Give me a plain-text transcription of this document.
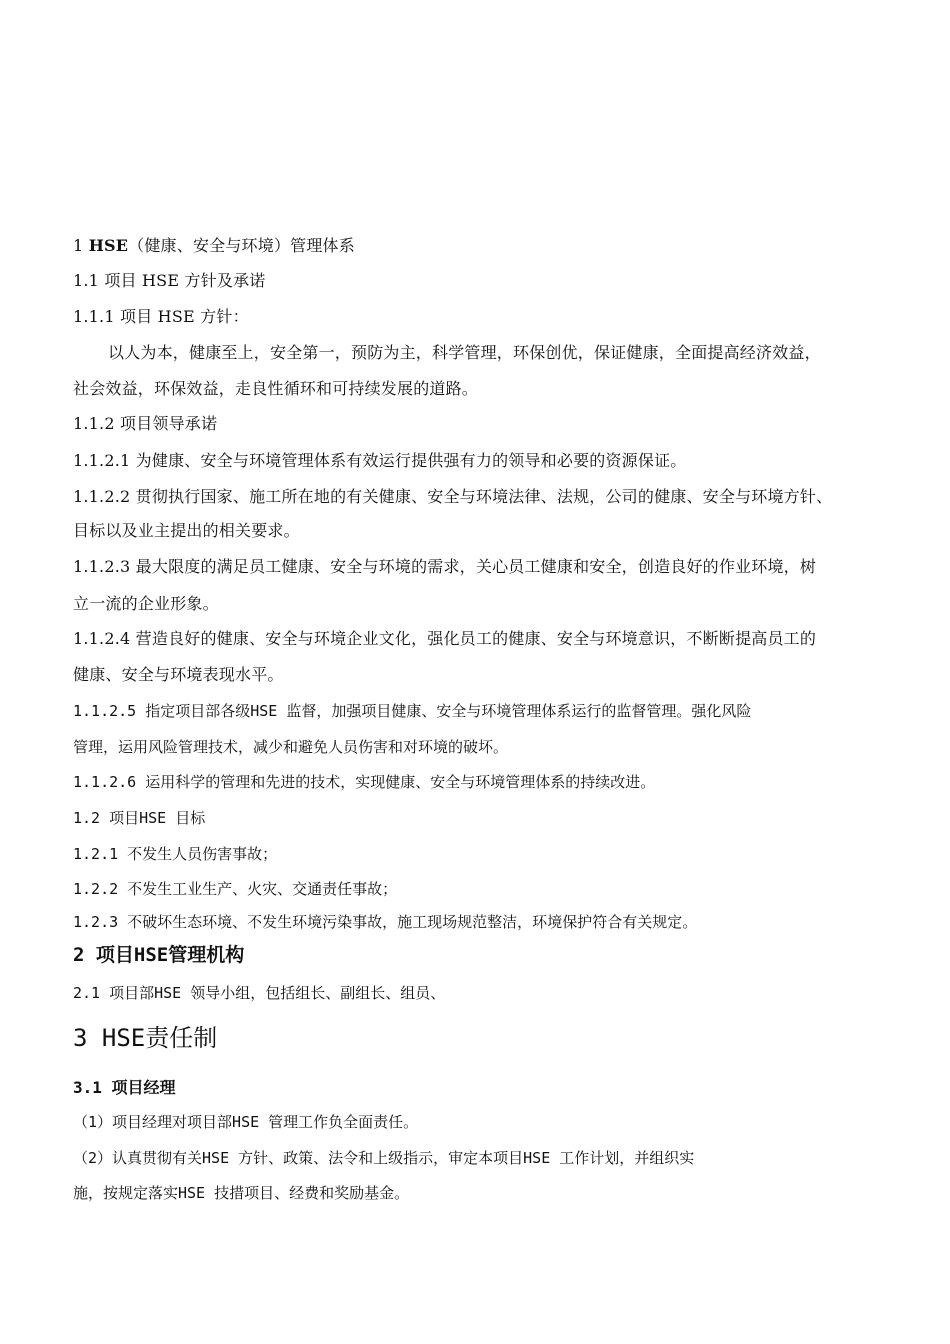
1 HSE（健康、安全与环境）管理体系
1.1 项目 HSE 方针及承诺
1.1.1 项目 HSE 方针：
以人为本，健康至上，安全第一，预防为主，科学管理，环保创优，保证健康，全面提高经济效益，
社会效益，环保效益，走良性循环和可持续发展的道路。
1.1.2 项目领导承诺
1.1.2.1 为健康、安全与环境管理体系有效运行提供强有力的领导和必要的资源保证。
1.1.2.2 贯彻执行国家、施工所在地的有关健康、安全与环境法律、法规，公司的健康、安全与环境方针、
目标以及业主提出的相关要求。
1.1.2.3 最大限度的满足员工健康、安全与环境的需求，关心员工健康和安全，创造良好的作业环境，树
立一流的企业形象。
1.1.2.4 营造良好的健康、安全与环境企业文化，强化员工的健康、安全与环境意识，不断断提高员工的
健康、安全与环境表现水平。
1.1.2.5 指定项目部各级HSE 监督，加强项目健康、安全与环境管理体系运行的监督管理。强化风险
管理，运用风险管理技术，减少和避免人员伤害和对环境的破坏。
1.1.2.6 运用科学的管理和先进的技术，实现健康、安全与环境管理体系的持续改进。
1.2 项目HSE 目标
1.2.1 不发生人员伤害事故；
1.2.2 不发生工业生产、火灾、交通责任事故；
1.2.3 不破坏生态环境、不发生环境污染事故，施工现场规范整洁，环境保护符合有关规定。
2 项目HSE管理机构
2.1 项目部HSE 领导小组，包括组长、副组长、组员、
3 HSE责任制
3.1 项目经理
（1）项目经理对项目部HSE 管理工作负全面责任。
（2）认真贯彻有关HSE 方针、政策、法令和上级指示，审定本项目HSE 工作计划，并组织实
施，按规定落实HSE 技措项目、经费和奖励基金。
